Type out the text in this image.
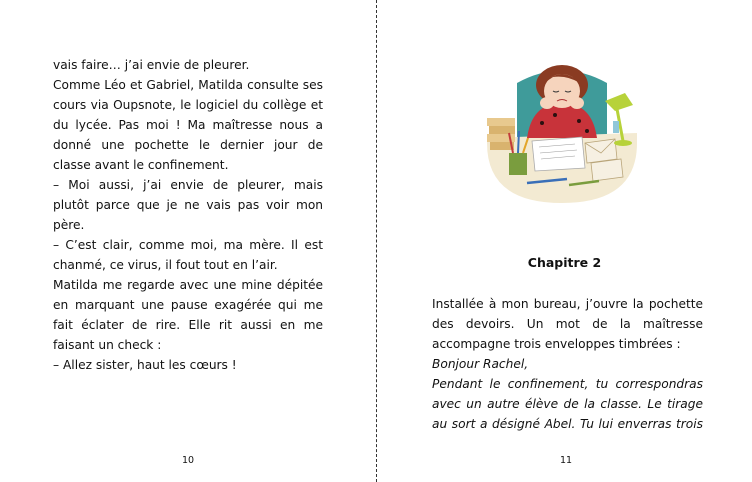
vais faire… j’ai envie de pleurer.

Comme Léo et Gabriel, Matilda consulte ses cours via Oupsnote, le logiciel du collège et du lycée. Pas moi ! Ma maîtresse nous a donné une pochette le dernier jour de classe avant le confinement.

– Moi aussi, j’ai envie de pleurer, mais plutôt parce que je ne vais pas voir mon père.

– C’est clair, comme moi, ma mère. Il est chanmé, ce virus, il fout tout en l’air.

Matilda me regarde avec une mine dépitée en marquant une pause exagérée qui me fait éclater de rire. Elle rit aussi en me faisant un check :

– Allez sister, haut les cœurs !

10
Chapitre 2

Installée à mon bureau, j’ouvre la pochette des devoirs. Un mot de la maîtresse accompagne trois enveloppes timbrées :

Bonjour Rachel,

Pendant le confinement, tu correspondras avec un autre élève de la classe. Le tirage au sort a désigné Abel. Tu lui enverras trois

11
